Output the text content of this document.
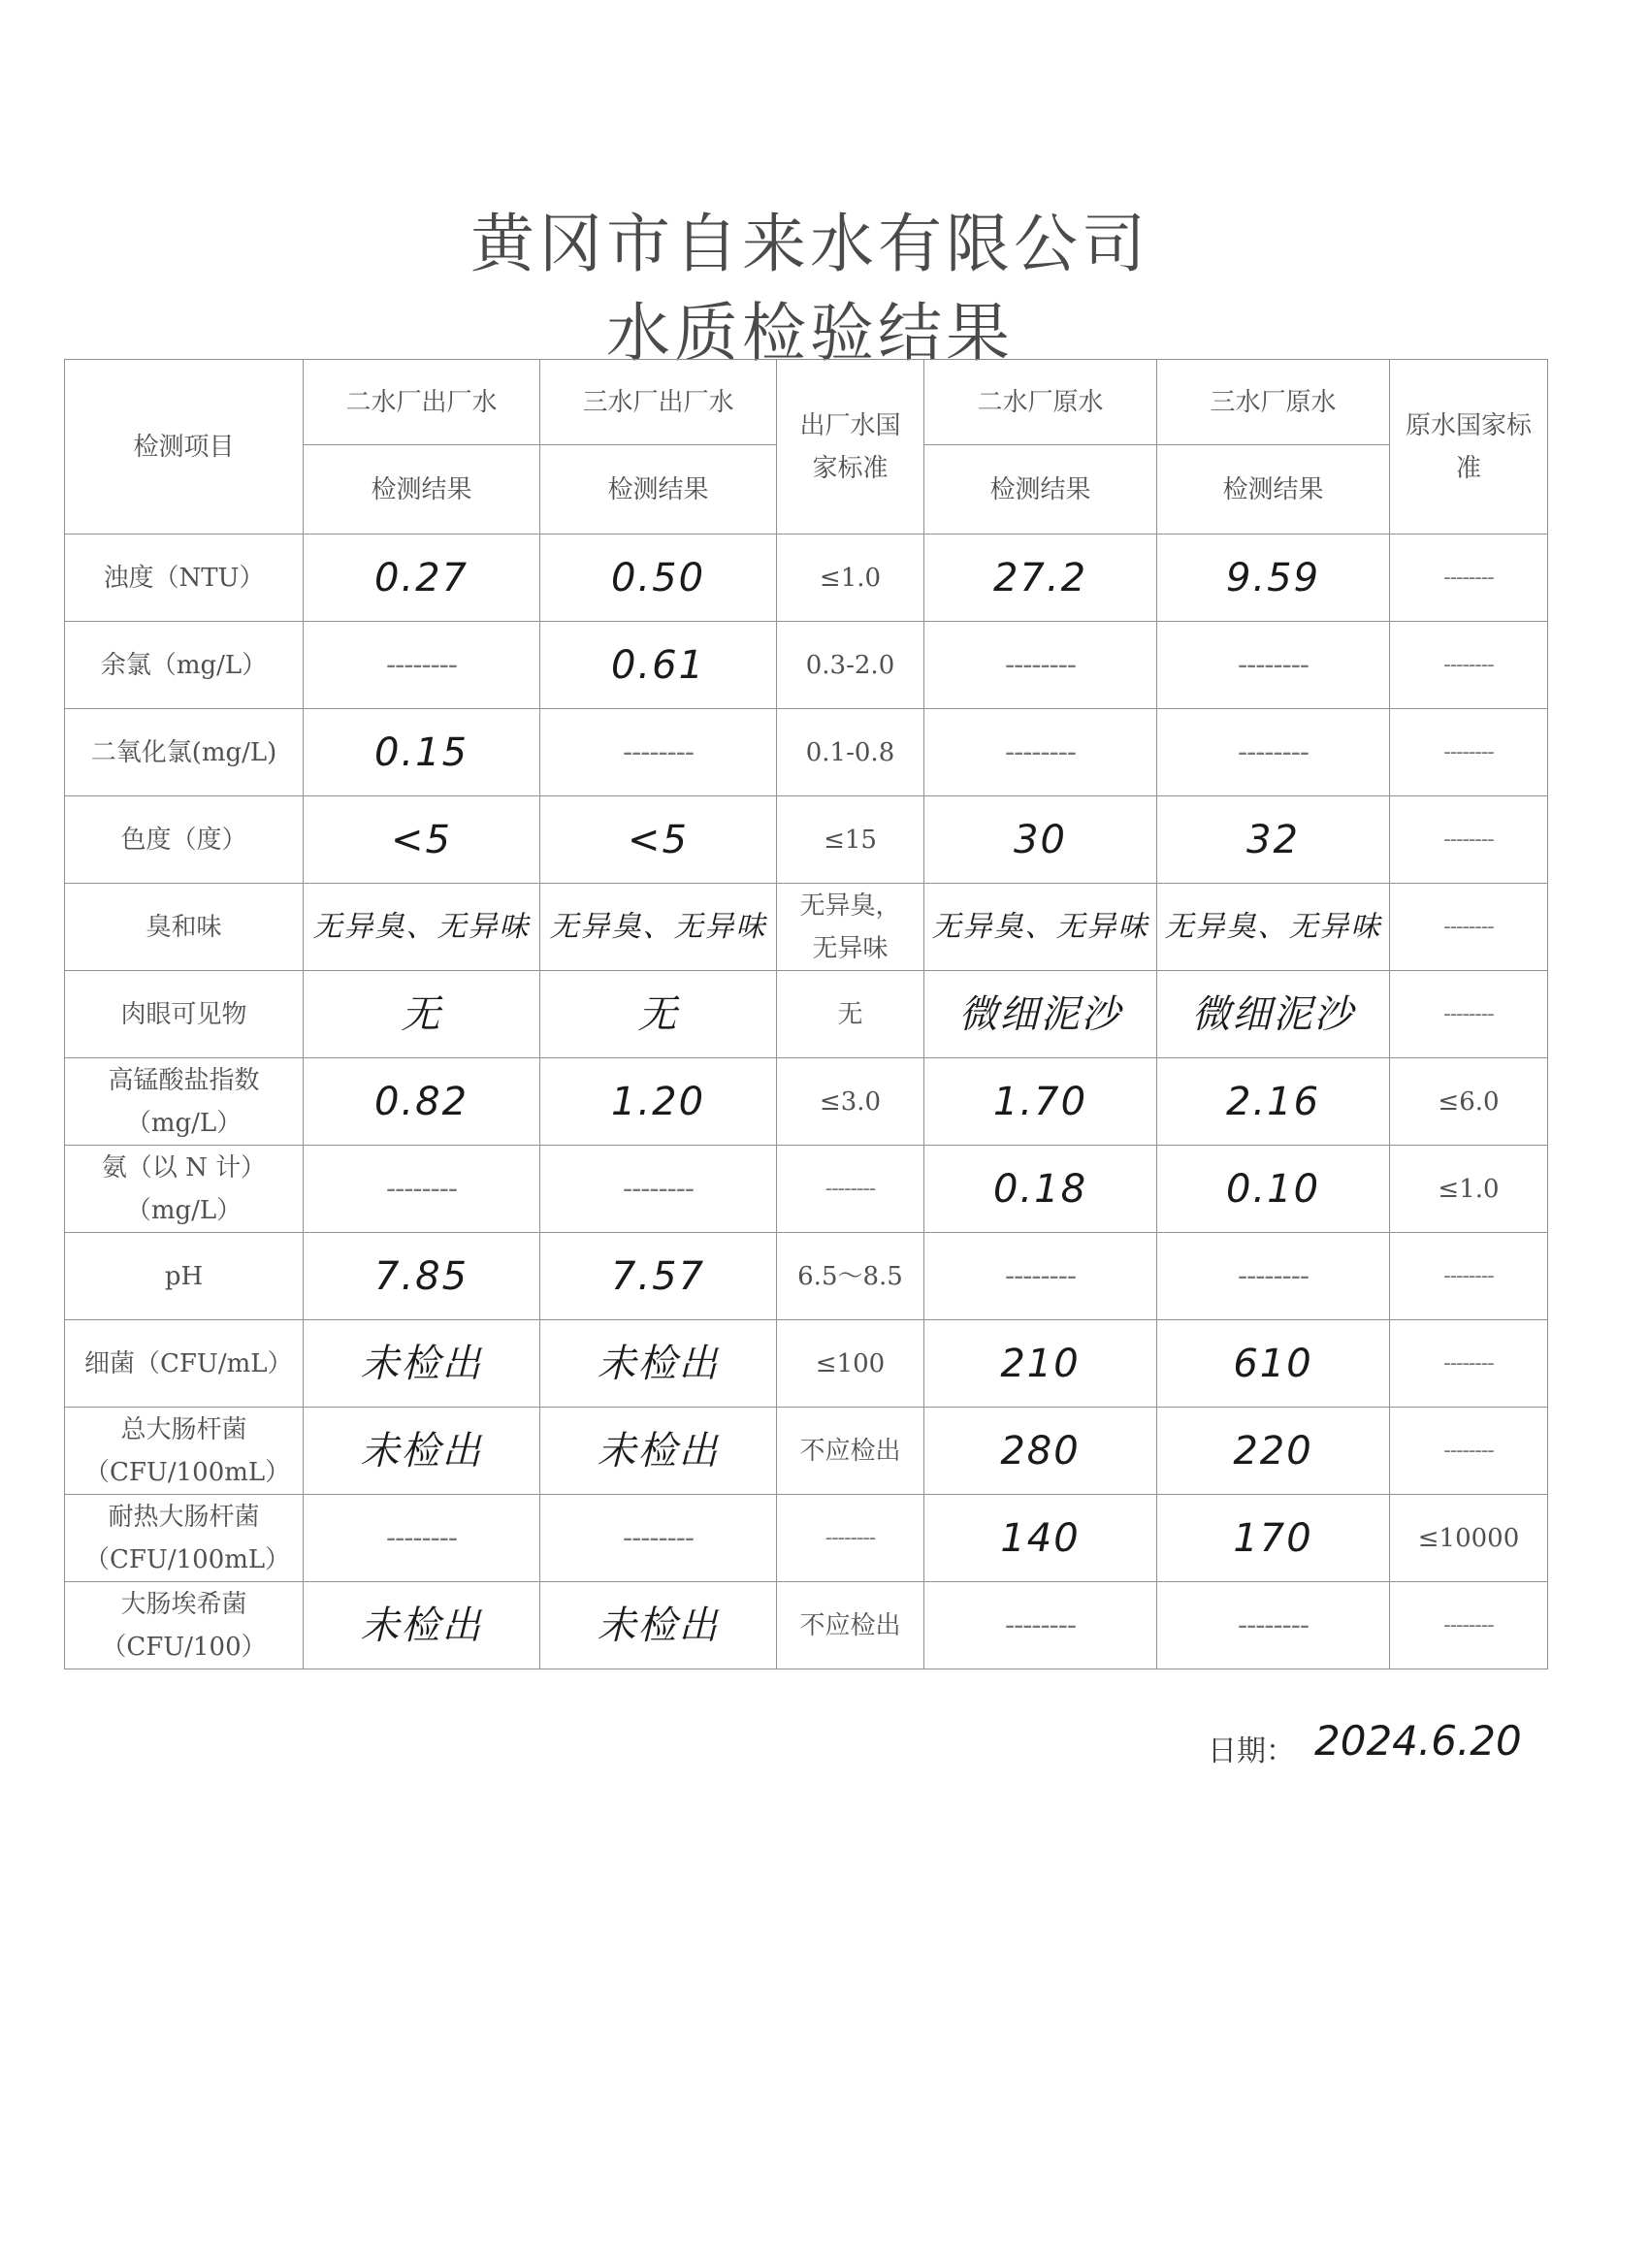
黄冈市自来水有限公司
水质检验结果
检测项目	二水厂出厂水	三水厂出厂水	出厂水国家标准	二水厂原水	三水厂原水	原水国家标准
	检测结果	检测结果		检测结果	检测结果	
浊度（NTU）	0.27	0.50	≤1.0	27.2	9.59	--------
余氯（mg/L）	--------	0.61	0.3-2.0	--------	--------	--------
二氧化氯(mg/L)	0.15	--------	0.1-0.8	--------	--------	--------
色度（度）	<5	<5	≤15	30	32	--------
臭和味	无异臭、无异味	无异臭、无异味	无异臭，无异味	无异臭、无异味	无异臭、无异味	--------
肉眼可见物	无	无	无	微细泥沙	微细泥沙	--------
高锰酸盐指数（mg/L）	0.82	1.20	≤3.0	1.70	2.16	≤6.0
氨（以 N 计）（mg/L）	--------	--------	--------	0.18	0.10	≤1.0
pH	7.85	7.57	6.5～8.5	--------	--------	--------
细菌（CFU/mL）	未检出	未检出	≤100	210	610	--------
总大肠杆菌（CFU/100mL）	未检出	未检出	不应检出	280	220	--------
耐热大肠杆菌（CFU/100mL）	--------	--------	--------	140	170	≤10000
大肠埃希菌（CFU/100）	未检出	未检出	不应检出	--------	--------	--------
日期： 2024.6.20
